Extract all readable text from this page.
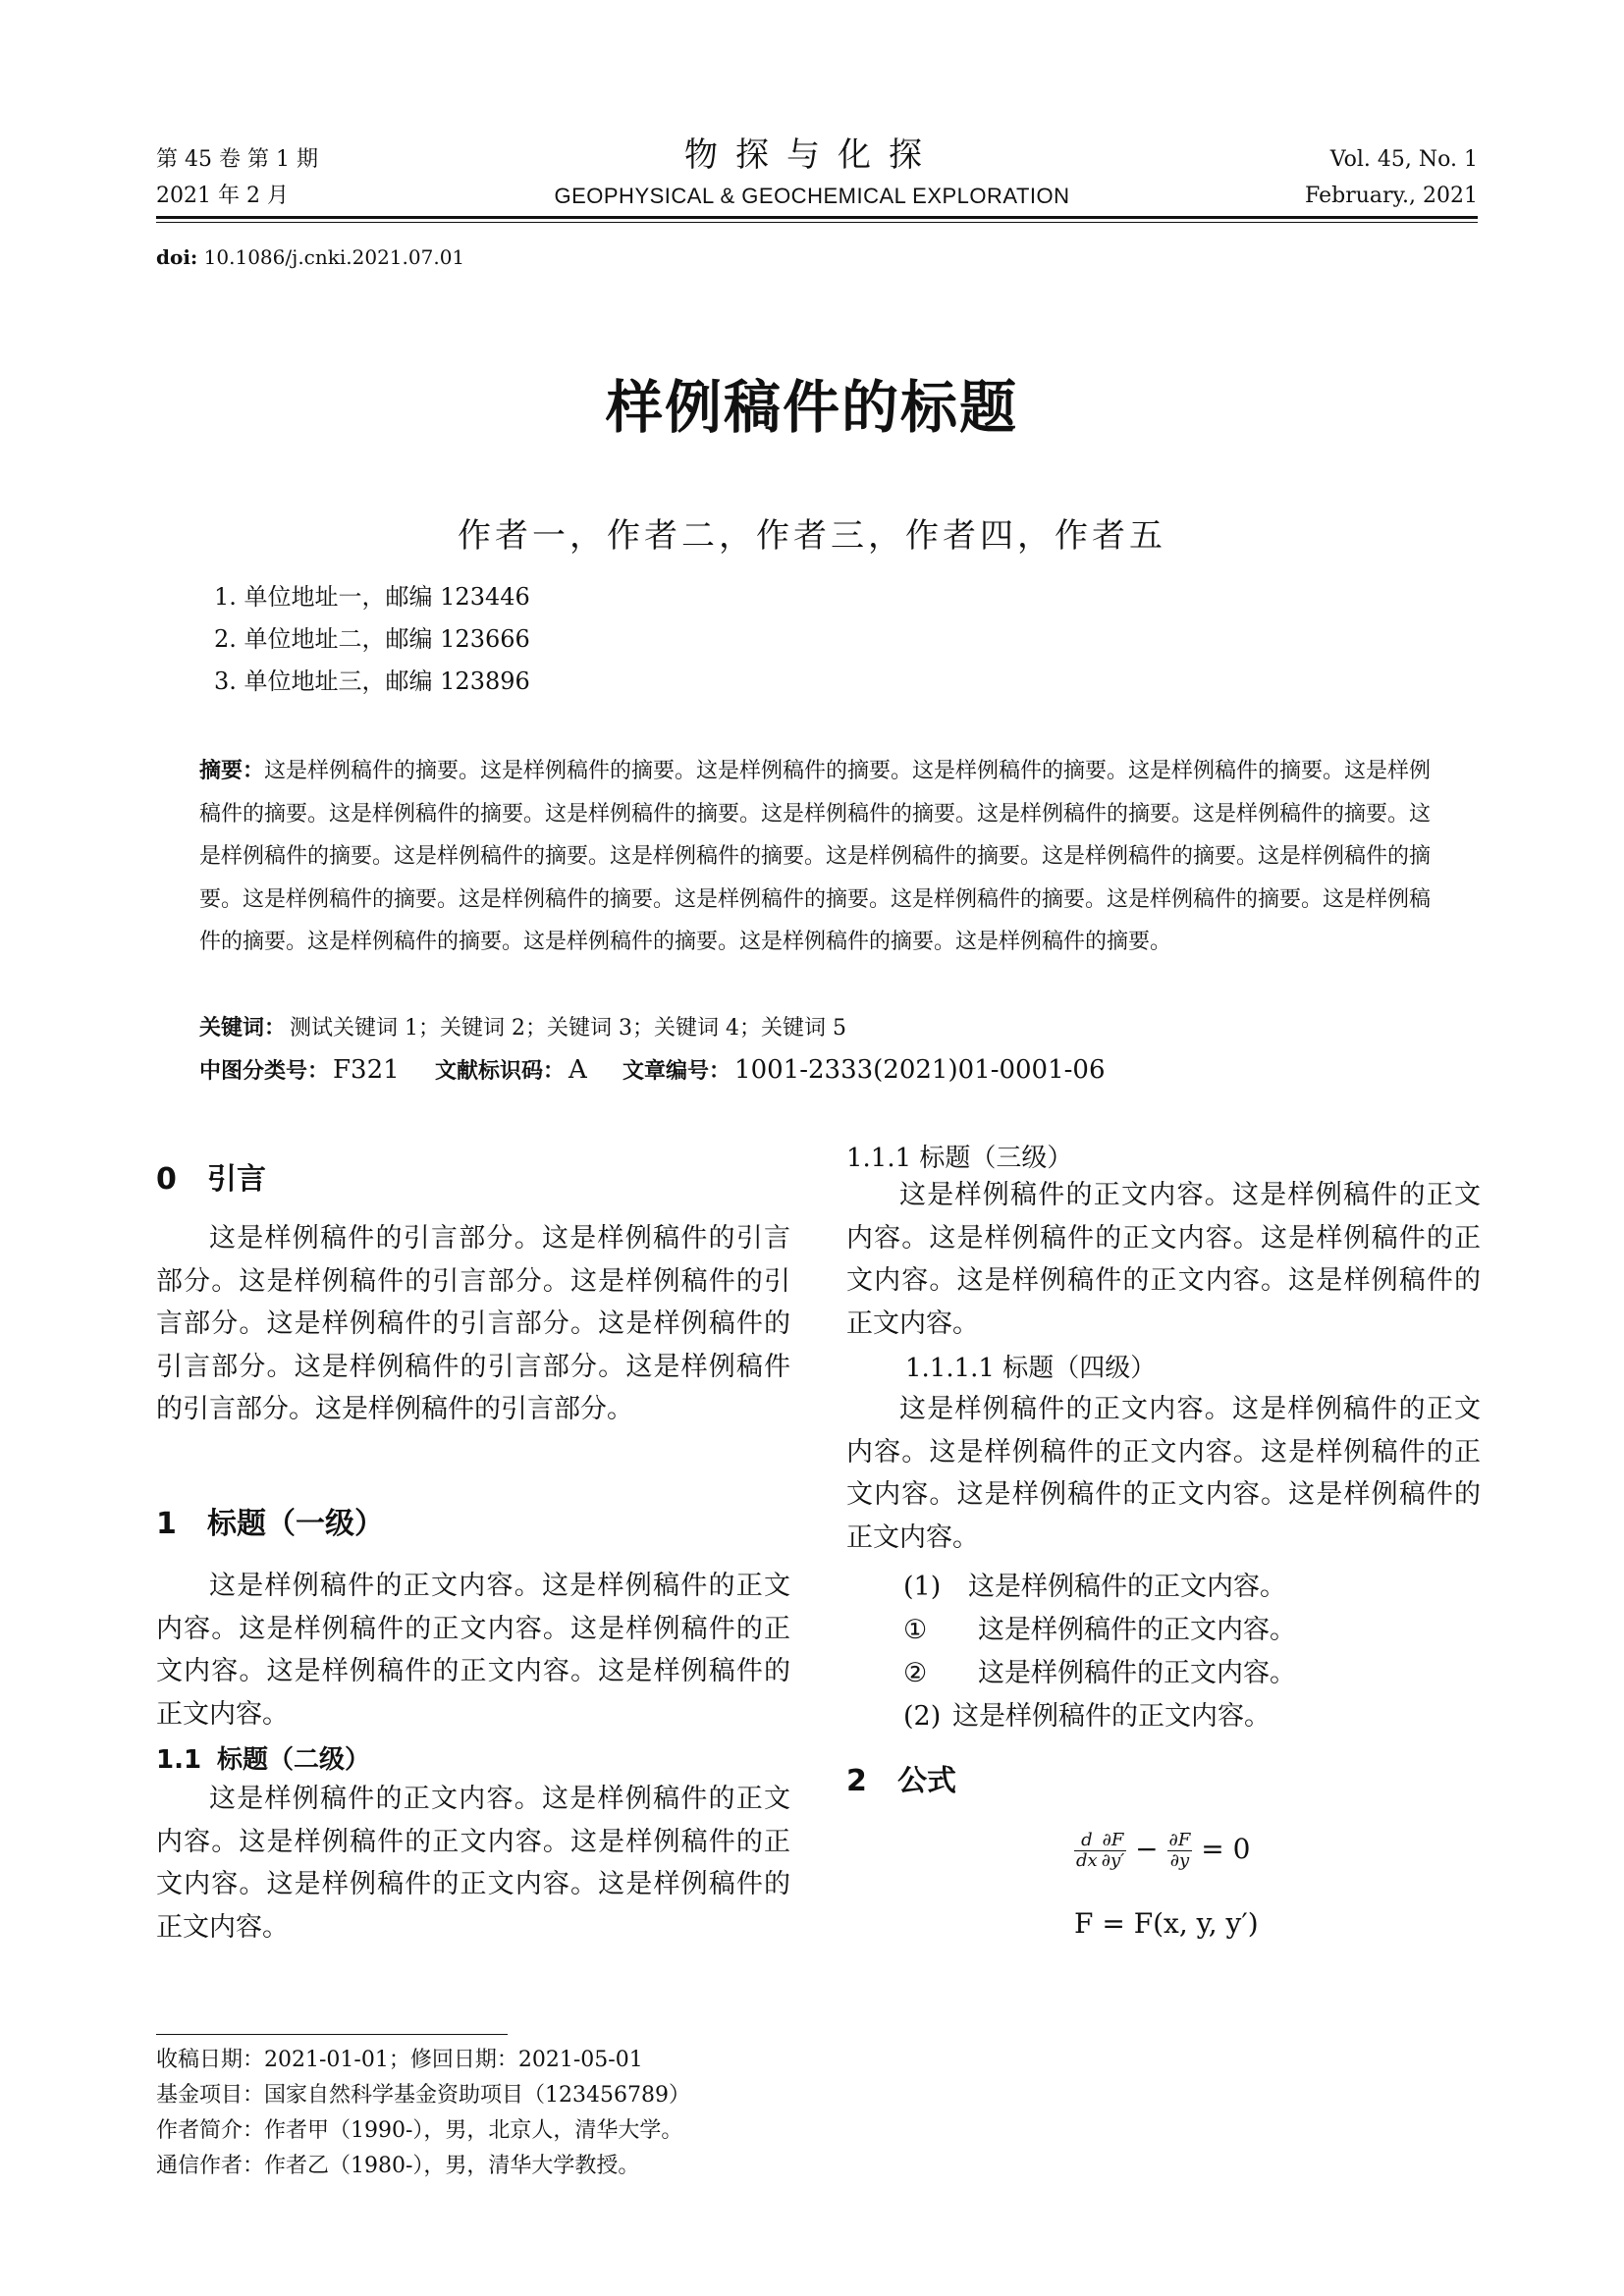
第 45 卷 第 1 期
2021 年 2 月
物探与化探
GEOPHYSICAL & GEOCHEMICAL EXPLORATION
Vol. 45, No. 1
February., 2021
doi: 10.1086/j.cnki.2021.07.01
样例稿件的标题
作者一，作者二，作者三，作者四，作者五
1. 单位地址一，邮编 123446
2. 单位地址二，邮编 123666
3. 单位地址三，邮编 123896
摘要：这是样例稿件的摘要。这是样例稿件的摘要。这是样例稿件的摘要。这是样例稿件的摘要。这是样例稿件的摘要。这是样例稿件的摘要。这是样例稿件的摘要。这是样例稿件的摘要。这是样例稿件的摘要。这是样例稿件的摘要。这是样例稿件的摘要。这是样例稿件的摘要。这是样例稿件的摘要。这是样例稿件的摘要。这是样例稿件的摘要。这是样例稿件的摘要。这是样例稿件的摘要。这是样例稿件的摘要。这是样例稿件的摘要。这是样例稿件的摘要。这是样例稿件的摘要。这是样例稿件的摘要。这是样例稿件的摘要。这是样例稿件的摘要。这是样例稿件的摘要。这是样例稿件的摘要。这是样例稿件的摘要。
关键词： 测试关键词 1；关键词 2；关键词 3；关键词 4；关键词 5
中图分类号： F321 文献标识码： A 文章编号： 1001-2333(2021)01-0001-06
0 引言

这是样例稿件的引言部分。这是样例稿件的引言部分。这是样例稿件的引言部分。这是样例稿件的引言部分。这是样例稿件的引言部分。这是样例稿件的引言部分。这是样例稿件的引言部分。这是样例稿件的引言部分。这是样例稿件的引言部分。

1 标题（一级）

这是样例稿件的正文内容。这是样例稿件的正文内容。这是样例稿件的正文内容。这是样例稿件的正文内容。这是样例稿件的正文内容。这是样例稿件的正文内容。

1.1 标题（二级）

这是样例稿件的正文内容。这是样例稿件的正文内容。这是样例稿件的正文内容。这是样例稿件的正文内容。这是样例稿件的正文内容。这是样例稿件的正文内容。

1.1.1 标题（三级）

这是样例稿件的正文内容。这是样例稿件的正文内容。这是样例稿件的正文内容。这是样例稿件的正文内容。这是样例稿件的正文内容。这是样例稿件的正文内容。

1.1.1.1 标题（四级）

这是样例稿件的正文内容。这是样例稿件的正文内容。这是样例稿件的正文内容。这是样例稿件的正文内容。这是样例稿件的正文内容。这是样例稿件的正文内容。

(1) 这是样例稿件的正文内容。
① 这是样例稿件的正文内容。
② 这是样例稿件的正文内容。
(2) 这是样例稿件的正文内容。
2 公式
$\frac{d}{dx} \frac{\partial F}{\partial y'} - \frac{\partial F}{\partial y} = 0$
F = F(x, y, y′)
收稿日期：2021-01-01；修回日期：2021-05-01
基金项目：国家自然科学基金资助项目（123456789）
作者简介：作者甲（1990-），男，北京人，清华大学。
通信作者：作者乙（1980-），男，清华大学教授。
